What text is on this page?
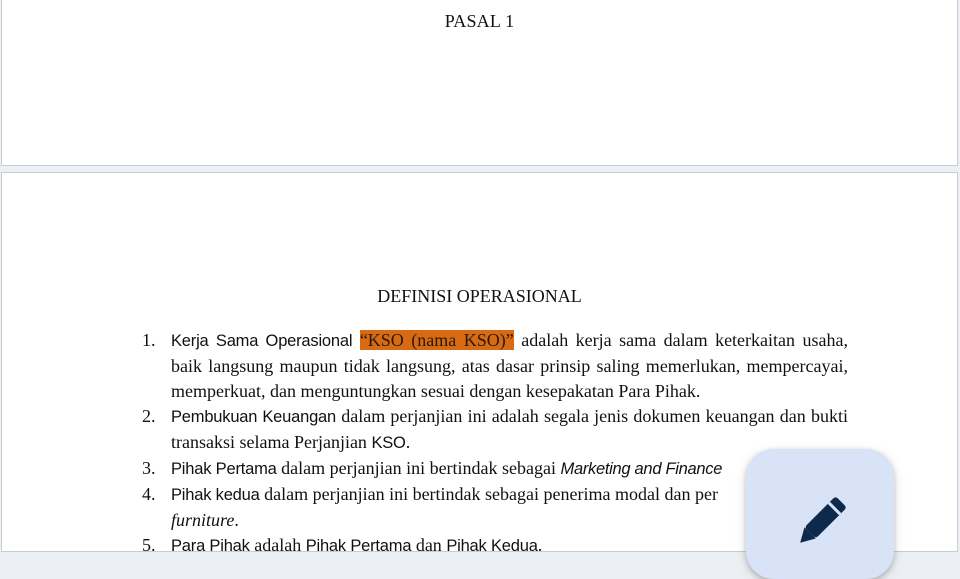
PASAL 1
DEFINISI OPERASIONAL
1. Kerja Sama Operasional “KSO (nama KSO)” adalah kerja sama dalam keterkaitan usaha, baik langsung maupun tidak langsung, atas dasar prinsip saling memerlukan, mempercayai, memperkuat, dan menguntungkan sesuai dengan kesepakatan Para Pihak.
2. Pembukuan Keuangan dalam perjanjian ini adalah segala jenis dokumen keuangan dan bukti transaksi selama Perjanjian KSO.
3. Pihak Pertama dalam perjanjian ini bertindak sebagai Marketing and Finance
4. Pihak kedua dalam perjanjian ini bertindak sebagai penerima modal dan per
furniture.
5. Para Pihak adalah Pihak Pertama dan Pihak Kedua.
